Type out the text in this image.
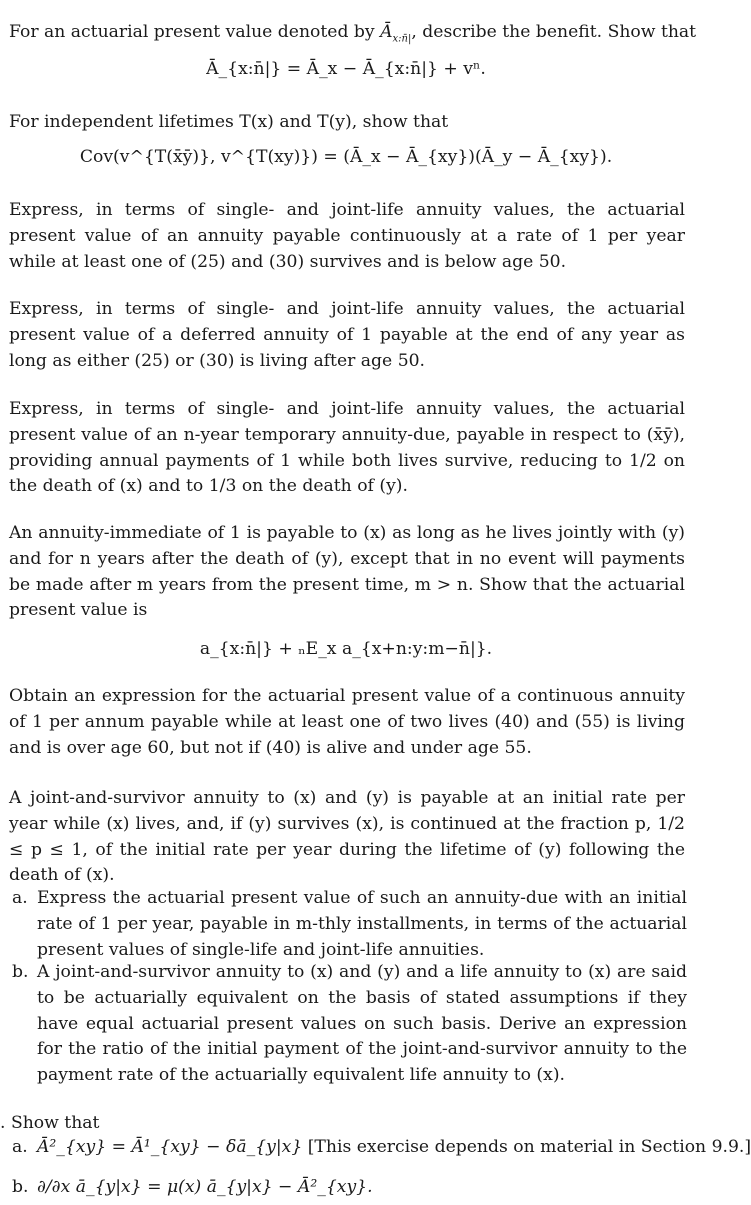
For an actuarial present value denoted by $Ā_{x:n̄|}$, describe the benefit. Show that

Ā_{x:n̄|} = Ā_x − Ā_{x:n̄|} + vⁿ.

For independent lifetimes T(x) and T(y), show that

Cov(v^{T(x̄ȳ)}, v^{T(xy)}) = (Ā_x − Ā_{xy})(Ā_y − Ā_{xy}).

Express, in terms of single- and joint-life annuity values, the actuarial present value of an annuity payable continuously at a rate of 1 per year while at least one of (25) and (30) survives and is below age 50.

Express, in terms of single- and joint-life annuity values, the actuarial present value of a deferred annuity of 1 payable at the end of any year as long as either (25) or (30) is living after age 50.

Express, in terms of single- and joint-life annuity values, the actuarial present value of an n-year temporary annuity-due, payable in respect to (x̄ȳ), providing annual payments of 1 while both lives survive, reducing to 1/2 on the death of (x) and to 1/3 on the death of (y).

An annuity-immediate of 1 is payable to (x) as long as he lives jointly with (y) and for n years after the death of (y), except that in no event will payments be made after m years from the present time, m > n. Show that the actuarial present value is

a_{x:n̄|} + ₙE_x a_{x+n:y:m−n̄|}.

Obtain an expression for the actuarial present value of a continuous annuity of 1 per annum payable while at least one of two lives (40) and (55) is living and is over age 60, but not if (40) is alive and under age 55.

A joint-and-survivor annuity to (x) and (y) is payable at an initial rate per year while (x) lives, and, if (y) survives (x), is continued at the fraction p, 1/2 ≤ p ≤ 1, of the initial rate per year during the lifetime of (y) following the death of (x).

a. Express the actuarial present value of such an annuity-due with an initial rate of 1 per year, payable in m-thly installments, in terms of the actuarial present values of single-life and joint-life annuities.
b. A joint-and-survivor annuity to (x) and (y) and a life annuity to (x) are said to be actuarially equivalent on the basis of stated assumptions if they have equal actuarial present values on such basis. Derive an expression for the ratio of the initial payment of the joint-and-survivor annuity to the payment rate of the actuarially equivalent life annuity to (x).

. Show that

a. Ā²_{xy} = Ā¹_{xy} − δā_{y|x} [This exercise depends on material in Section 9.9.]
b. ∂/∂x ā_{y|x} = μ(x) ā_{y|x} − Ā²_{xy}.
